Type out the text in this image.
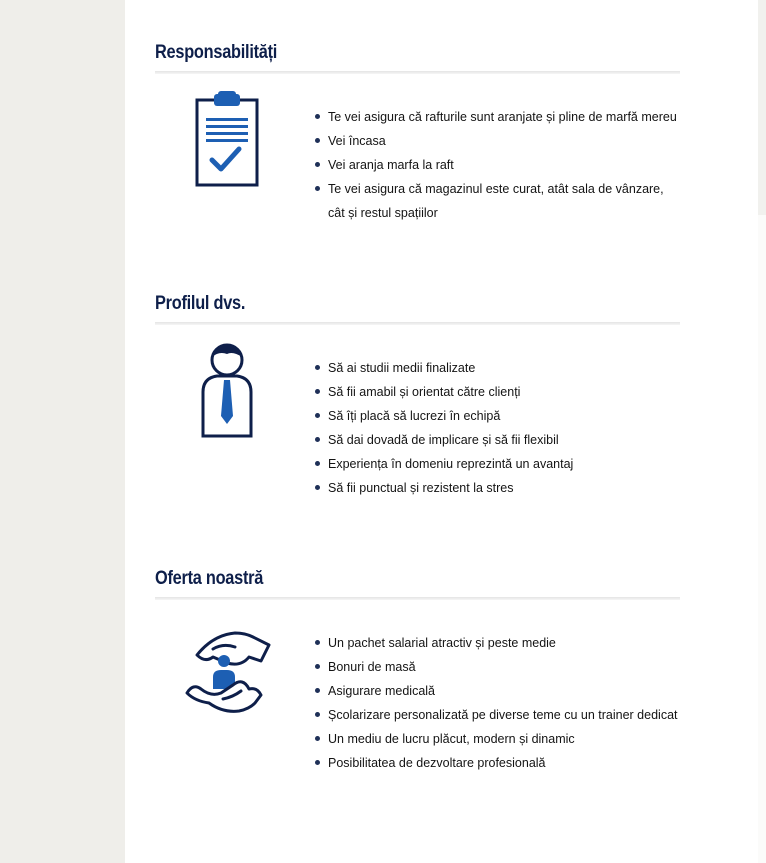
Responsabilități
Te vei asigura că rafturile sunt aranjate și pline de marfă mereu
Vei încasa
Vei aranja marfa la raft
Te vei asigura că magazinul este curat, atât sala de vânzare, cât și restul spațiilor
Profilul dvs.
Să ai studii medii finalizate
Să fii amabil și orientat către clienți
Să îți placă să lucrezi în echipă
Să dai dovadă de implicare și să fii flexibil
Experiența în domeniu reprezintă un avantaj
Să fii punctual și rezistent la stres
Oferta noastră
Un pachet salarial atractiv și peste medie
Bonuri de masă
Asigurare medicală
Școlarizare personalizată pe diverse teme cu un trainer dedicat
Un mediu de lucru plăcut, modern și dinamic
Posibilitatea de dezvoltare profesională
